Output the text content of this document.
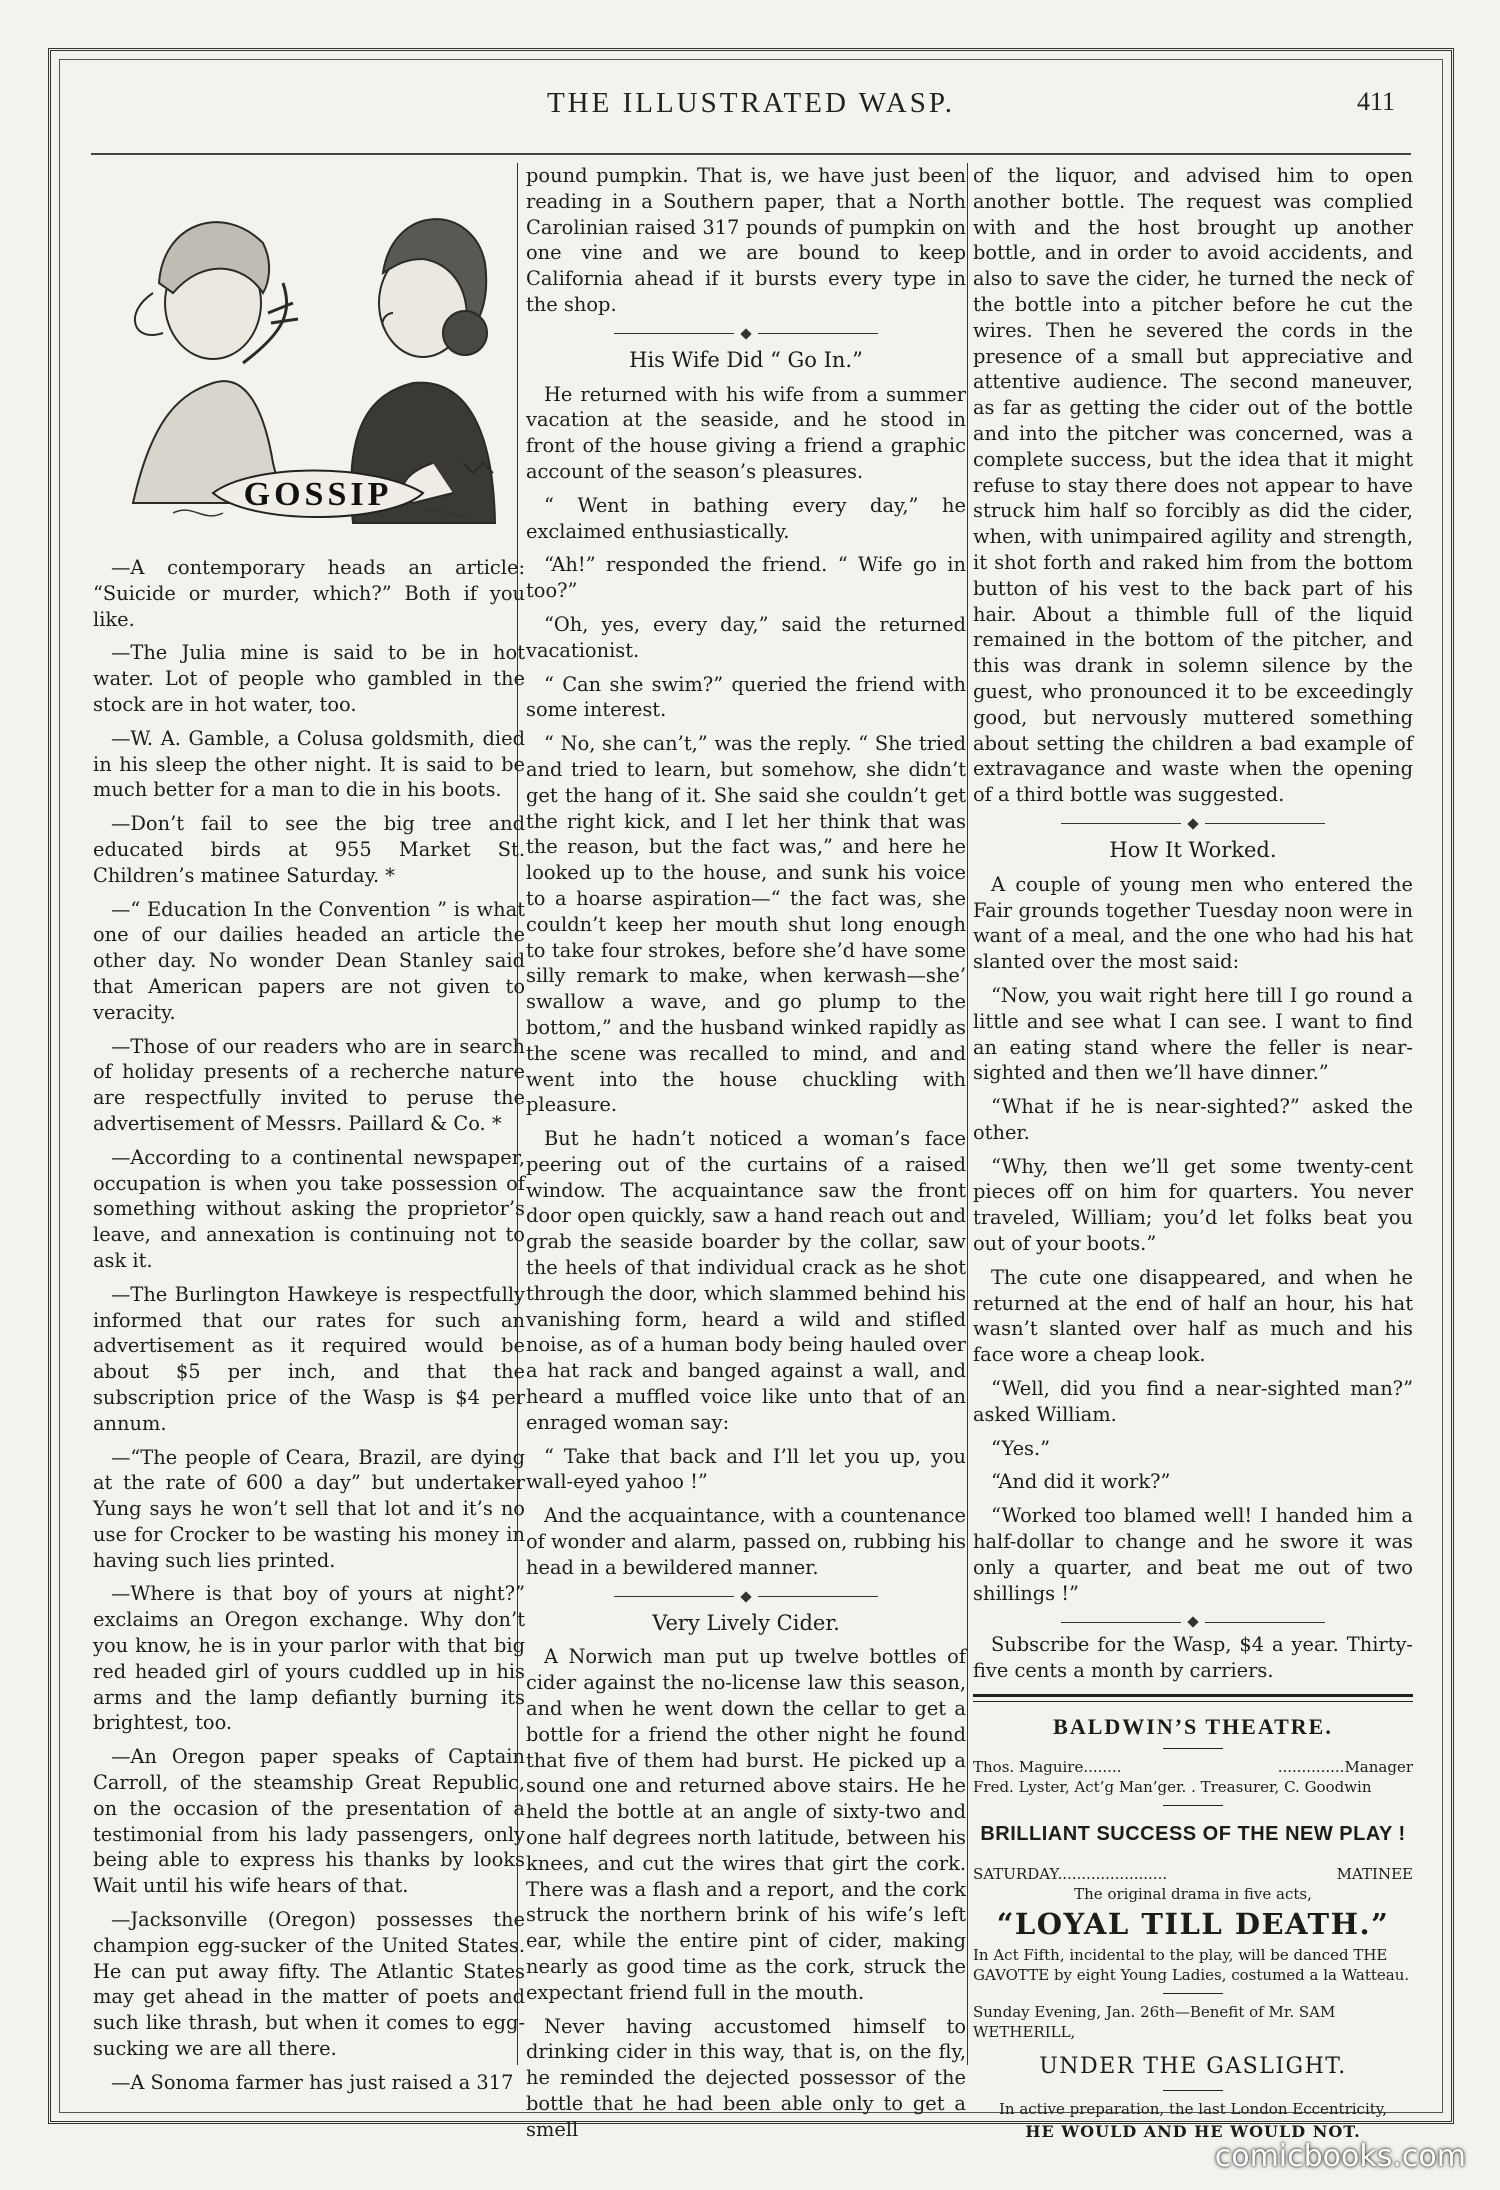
THE ILLUSTRATED WASP.	411
GOSSIP

—A contemporary heads an article: “Suicide or murder, which?” Both if you like.

—The Julia mine is said to be in hot water. Lot of people who gambled in the stock are in hot water, too.

—W. A. Gamble, a Colusa goldsmith, died in his sleep the other night. It is said to be much better for a man to die in his boots.

—Don’t fail to see the big tree and educated birds at 955 Market St. Children’s matinee Saturday. *

—“ Education In the Convention ” is what one of our dailies headed an article the other day. No wonder Dean Stanley said that American papers are not given to veracity.

—Those of our readers who are in search of holiday presents of a recherche nature are respectfully invited to peruse the advertisement of Messrs. Paillard & Co. *

—According to a continental newspaper, occupation is when you take possession of something without asking the proprietor’s leave, and annexation is continuing not to ask it.

—The Burlington Hawkeye is respectfully informed that our rates for such an advertisement as it required would be about $5 per inch, and that the subscription price of the Wasp is $4 per annum.

—“The people of Ceara, Brazil, are dying at the rate of 600 a day” but undertaker Yung says he won’t sell that lot and it’s no use for Crocker to be wasting his money in having such lies printed.

—Where is that boy of yours at night?” exclaims an Oregon exchange. Why don’t you know, he is in your parlor with that big red headed girl of yours cuddled up in his arms and the lamp defiantly burning its brightest, too.

—An Oregon paper speaks of Captain Carroll, of the steamship Great Republic, on the occasion of the presentation of a testimonial from his lady passengers, only being able to express his thanks by looks Wait until his wife hears of that.

—Jacksonville (Oregon) possesses the champion egg-sucker of the United States. He can put away fifty. The Atlantic States may get ahead in the matter of poets and such like thrash, but when it comes to egg-sucking we are all there.

—A Sonoma farmer has just raised a 317

pound pumpkin. That is, we have just been reading in a Southern paper, that a North Carolinian raised 317 pounds of pumpkin on one vine and we are bound to keep California ahead if it bursts every type in the shop.

His Wife Did “ Go In.”

He returned with his wife from a summer vacation at the seaside, and he stood in front of the house giving a friend a graphic account of the season’s pleasures.

“ Went in bathing every day,” he exclaimed enthusiastically.

“Ah!” responded the friend. “ Wife go in too?”

“Oh, yes, every day,” said the returned vacationist.

“ Can she swim?” queried the friend with some interest.

“ No, she can’t,” was the reply. “ She tried and tried to learn, but somehow, she didn’t get the hang of it. She said she couldn’t get the right kick, and I let her think that was the reason, but the fact was,” and here he looked up to the house, and sunk his voice to a hoarse aspiration—“ the fact was, she couldn’t keep her mouth shut long enough to take four strokes, before she’d have some silly remark to make, when kerwash—she’ swallow a wave, and go plump to the bottom,” and the husband winked rapidly as the scene was recalled to mind, and and went into the house chuckling with pleasure.

But he hadn’t noticed a woman’s face peering out of the curtains of a raised window. The acquaintance saw the front door open quickly, saw a hand reach out and grab the seaside boarder by the collar, saw the heels of that individual crack as he shot through the door, which slammed behind his vanishing form, heard a wild and stifled noise, as of a human body being hauled over a hat rack and banged against a wall, and heard a muffled voice like unto that of an enraged woman say:

“ Take that back and I’ll let you up, you wall-eyed yahoo !”

And the acquaintance, with a countenance of wonder and alarm, passed on, rubbing his head in a bewildered manner.

Very Lively Cider.

A Norwich man put up twelve bottles of cider against the no-license law this season, and when he went down the cellar to get a bottle for a friend the other night he found that five of them had burst. He picked up a sound one and returned above stairs. He he held the bottle at an angle of sixty-two and one half degrees north latitude, between his knees, and cut the wires that girt the cork. There was a flash and a report, and the cork struck the northern brink of his wife’s left ear, while the entire pint of cider, making nearly as good time as the cork, struck the expectant friend full in the mouth.

Never having accustomed himself to drinking cider in this way, that is, on the fly, he reminded the dejected possessor of the bottle that he had been able only to get a smell

of the liquor, and advised him to open another bottle. The request was complied with and the host brought up another bottle, and in order to avoid accidents, and also to save the cider, he turned the neck of the bottle into a pitcher before he cut the wires. Then he severed the cords in the presence of a small but appreciative and attentive audience. The second maneuver, as far as getting the cider out of the bottle and into the pitcher was concerned, was a complete success, but the idea that it might refuse to stay there does not appear to have struck him half so forcibly as did the cider, when, with unimpaired agility and strength, it shot forth and raked him from the bottom button of his vest to the back part of his hair. About a thimble full of the liquid remained in the bottom of the pitcher, and this was drank in solemn silence by the guest, who pronounced it to be exceedingly good, but nervously muttered something about setting the children a bad example of extravagance and waste when the opening of a third bottle was suggested.

How It Worked.

A couple of young men who entered the Fair grounds together Tuesday noon were in want of a meal, and the one who had his hat slanted over the most said:

“Now, you wait right here till I go round a little and see what I can see. I want to find an eating stand where the feller is near-sighted and then we’ll have dinner.”

“What if he is near-sighted?” asked the other.

“Why, then we’ll get some twenty-cent pieces off on him for quarters. You never traveled, William; you’d let folks beat you out of your boots.”

The cute one disappeared, and when he returned at the end of half an hour, his hat wasn’t slanted over half as much and his face wore a cheap look.

“Well, did you find a near-sighted man?” asked William.

“Yes.”

“And did it work?”

“Worked too blamed well! I handed him a half-dollar to change and he swore it was only a quarter, and beat me out of two shillings !”

Subscribe for the Wasp, $4 a year. Thirty-five cents a month by carriers.

BALDWIN’S THEATRE.
Thos. Maguire........	..............Manager

Fred. Lyster, Act’g Man’ger. . Treasurer, C. Goodwin

BRILLIANT SUCCESS OF THE NEW PLAY !
SATURDAY.......................	MATINEE

The original drama in five acts,

“LOYAL TILL DEATH.”

In Act Fifth, incidental to the play, will be danced THE GAVOTTE by eight Young Ladies, costumed a la Watteau.

Sunday Evening, Jan. 26th—Benefit of Mr. SAM WETHERILL,

UNDER THE GASLIGHT.

In active preparation, the last London Eccentricity,

HE WOULD AND HE WOULD NOT.
comicbooks.com
